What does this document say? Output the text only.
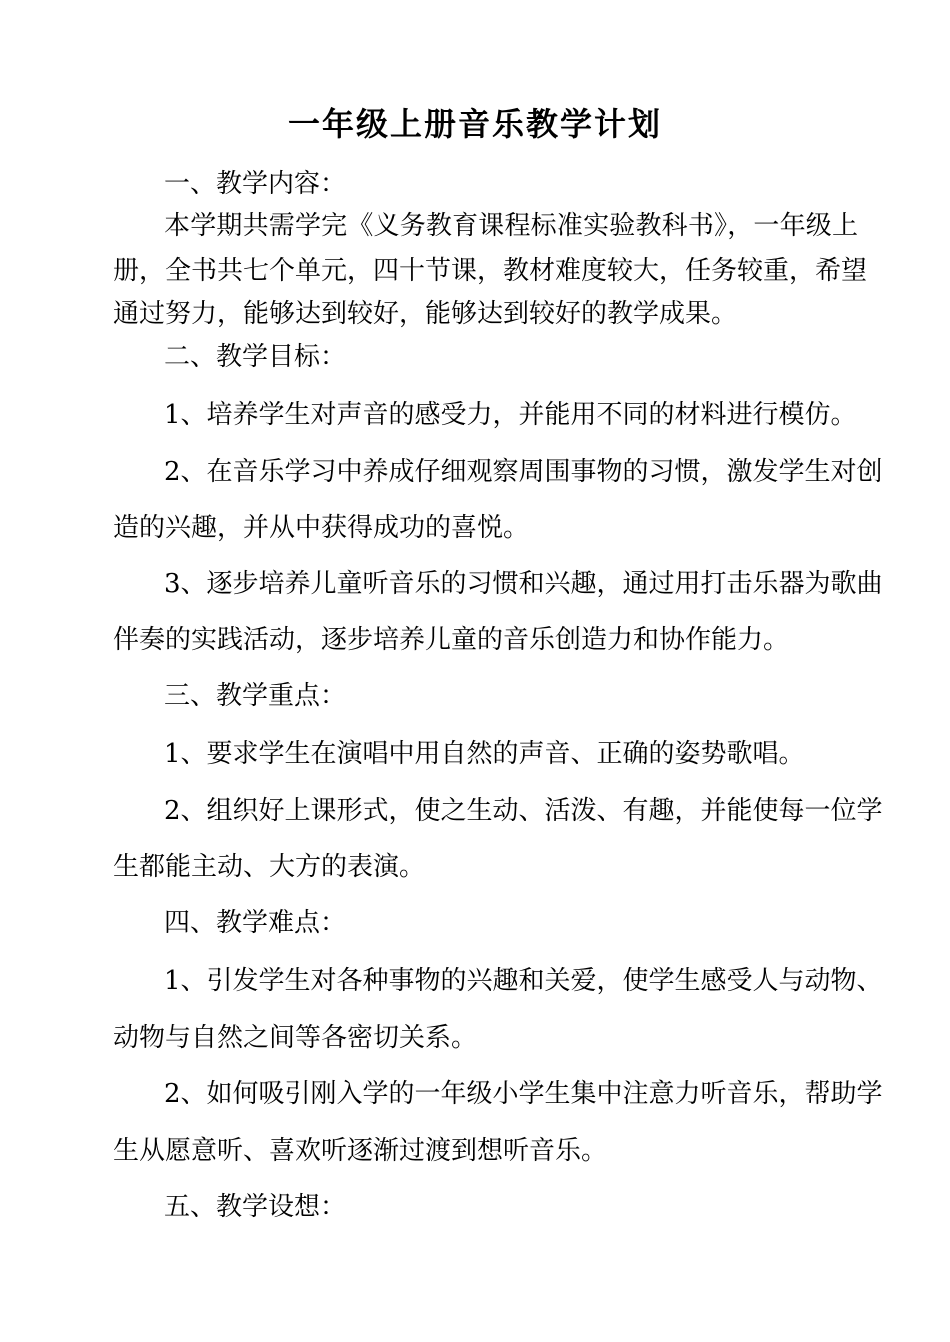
一年级上册音乐教学计划
一、教学内容：
本学期共需学完《义务教育课程标准实验教科书》，一年级上
册，全书共七个单元，四十节课，教材难度较大，任务较重，希望
通过努力，能够达到较好，能够达到较好的教学成果。
二、教学目标：
1、培养学生对声音的感受力，并能用不同的材料进行模仿。
2、在音乐学习中养成仔细观察周围事物的习惯，激发学生对创
造的兴趣，并从中获得成功的喜悦。
3、逐步培养儿童听音乐的习惯和兴趣，通过用打击乐器为歌曲
伴奏的实践活动，逐步培养儿童的音乐创造力和协作能力。
三、教学重点：
1、要求学生在演唱中用自然的声音、正确的姿势歌唱。
2、组织好上课形式，使之生动、活泼、有趣，并能使每一位学
生都能主动、大方的表演。
四、教学难点：
1、引发学生对各种事物的兴趣和关爱，使学生感受人与动物、
动物与自然之间等各密切关系。
2、如何吸引刚入学的一年级小学生集中注意力听音乐，帮助学
生从愿意听、喜欢听逐渐过渡到想听音乐。
五、教学设想：
